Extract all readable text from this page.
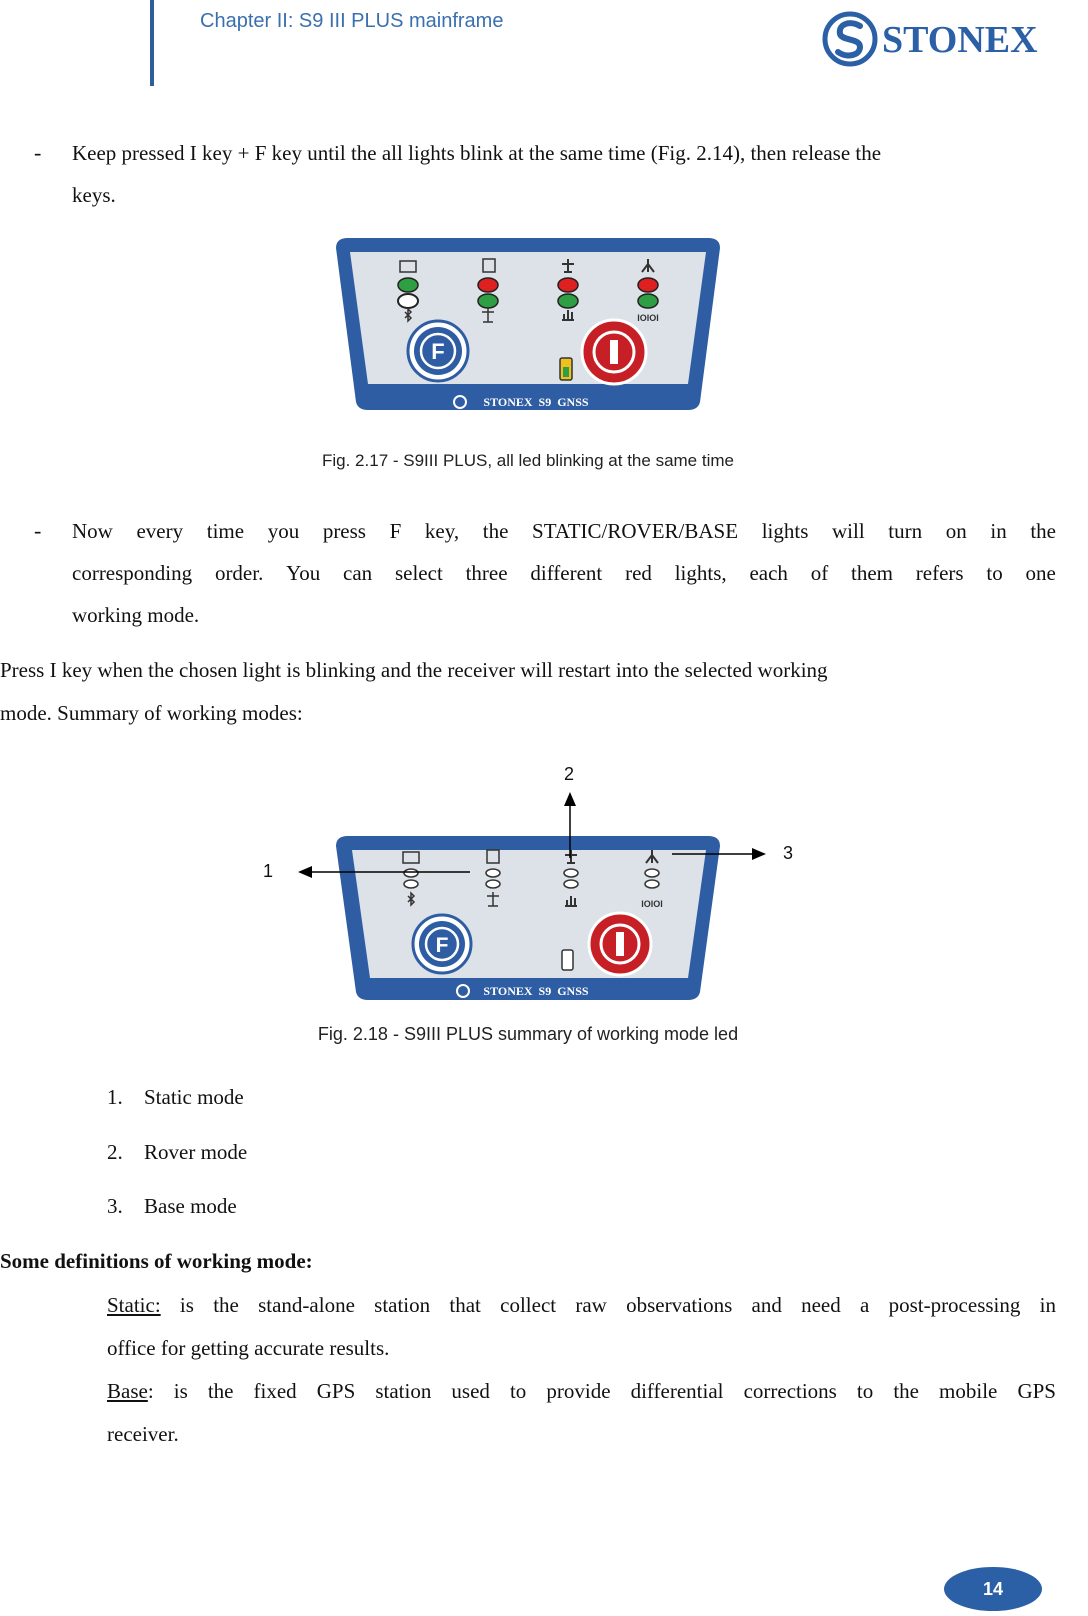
Chapter II: S9 III PLUS mainframe	STONEX
- Keep pressed I key + F key until the all lights blink at the same time (Fig. 2.14), then release the
keys.
IOIOI
F
STONEX  S9  GNSS
Fig. 2.17 - S9III PLUS, all led blinking at the same time
- Now every time you press F key, the STATIC/ROVER/BASE lights will turn on in the
corresponding order. You can select three different red lights, each of them refers to one
working mode.
Press I key when the chosen light is blinking and the receiver will restart into the selected working
mode. Summary of working modes:
IOIOI
F
STONEX  S9  GNSS
1
2
3
Fig. 2.18 - S9III PLUS summary of working mode led
1. Static mode
2. Rover mode
3. Base mode
Some definitions of working mode:
Static: is the stand-alone station that collect raw observations and need a post-processing in
office for getting accurate results.
Base: is the fixed GPS station used to provide differential corrections to the mobile GPS
receiver.
14
